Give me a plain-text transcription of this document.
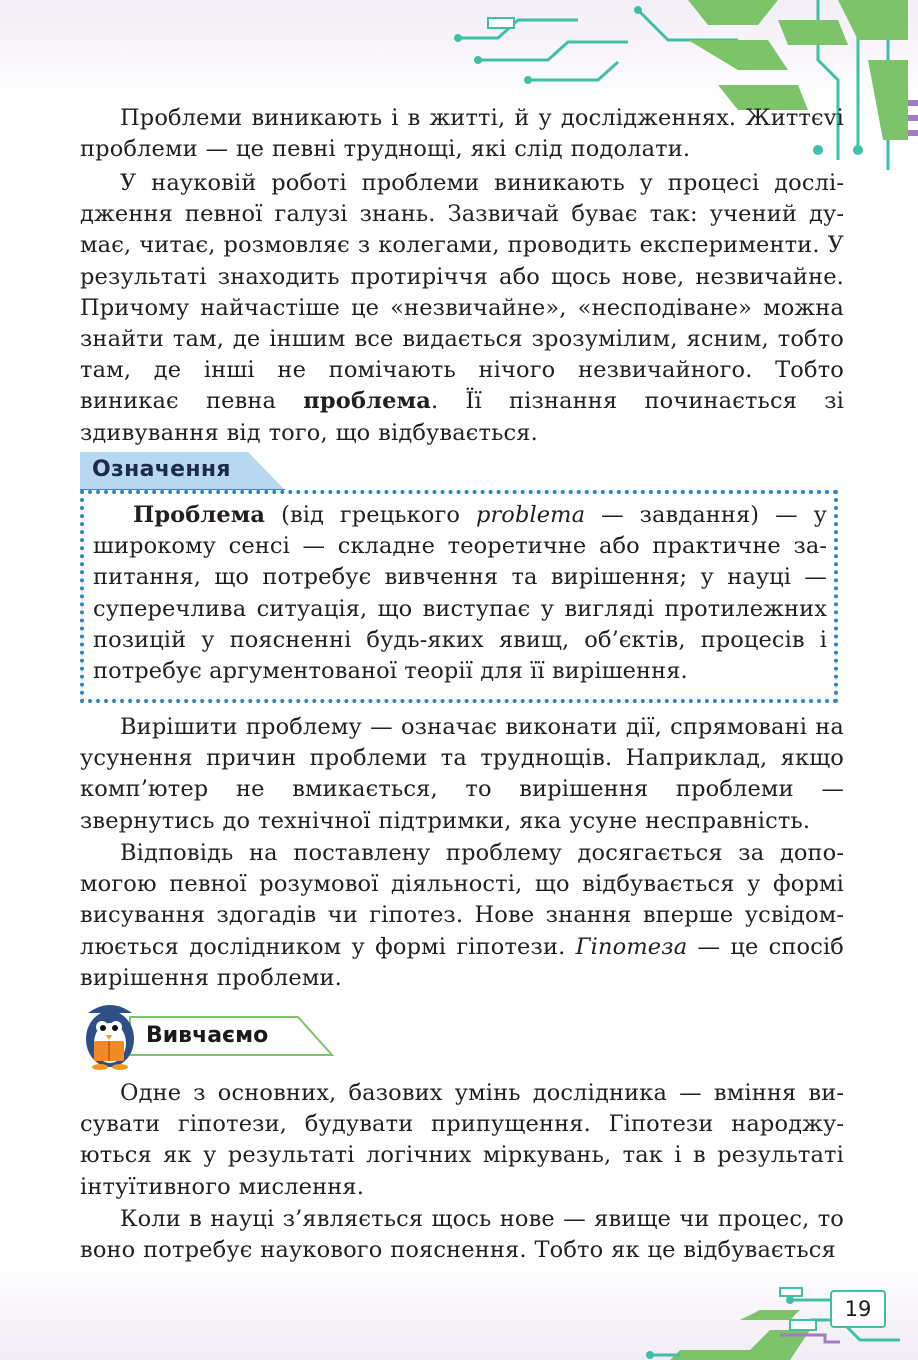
Проблеми виникають і в житті, й у дослідженнях. Життєvі проблеми — це певні труднощі, які слід подолати.

У науковій роботі проблеми виникають у процесі дослідження певної галузі знань. Зазвичай буває так: учений думає, читає, розмовляє з колегами, проводить експерименти. У результаті знаходить протиріччя або щось нове, незвичайне. Причому найчастіше це «незвичайне», «несподіване» можна знайти там, де іншим все видається зрозумілим, ясним, тобто там, де інші не помічають нічого незвичайного. Тобто виникає певна проблема. Її пізнання починається зі здивування від того, що відбувається.

Означення

Проблема (від грецького problema — завдання) — у широкому сенсі — складне теоретичне або практичне запитання, що потребує вивчення та вирішення; у науці — суперечлива ситуація, що виступає у вигляді протилежних позицій у поясненні будь-яких явищ, об’єктів, процесів і потребує аргументованої теорії для її вирішення.

Вирішити проблему — означає виконати дії, спрямовані на усунення причин проблеми та труднощів. Наприклад, якщо комп’ютер не вмикається, то вирішення проблеми — звернутись до технічної підтримки, яка усуне несправність.

Відповідь на поставлену проблему досягається за допомогою певної розумової діяльності, що відбувається у формі висування здогадів чи гіпотез. Нове знання вперше усвідомлюється дослідником у формі гіпотези. Гіпотеза — це спосіб вирішення проблеми.

Вивчаємо

Одне з основних, базових умінь дослідника — вміння висувати гіпотези, будувати припущення. Гіпотези народжуються як у результаті логічних міркувань, так і в результаті інтуїтивного мислення.

Коли в науці з’являється щось нове — явище чи процес, то воно потребує наукового пояснення. Тобто як це відбувається

19
